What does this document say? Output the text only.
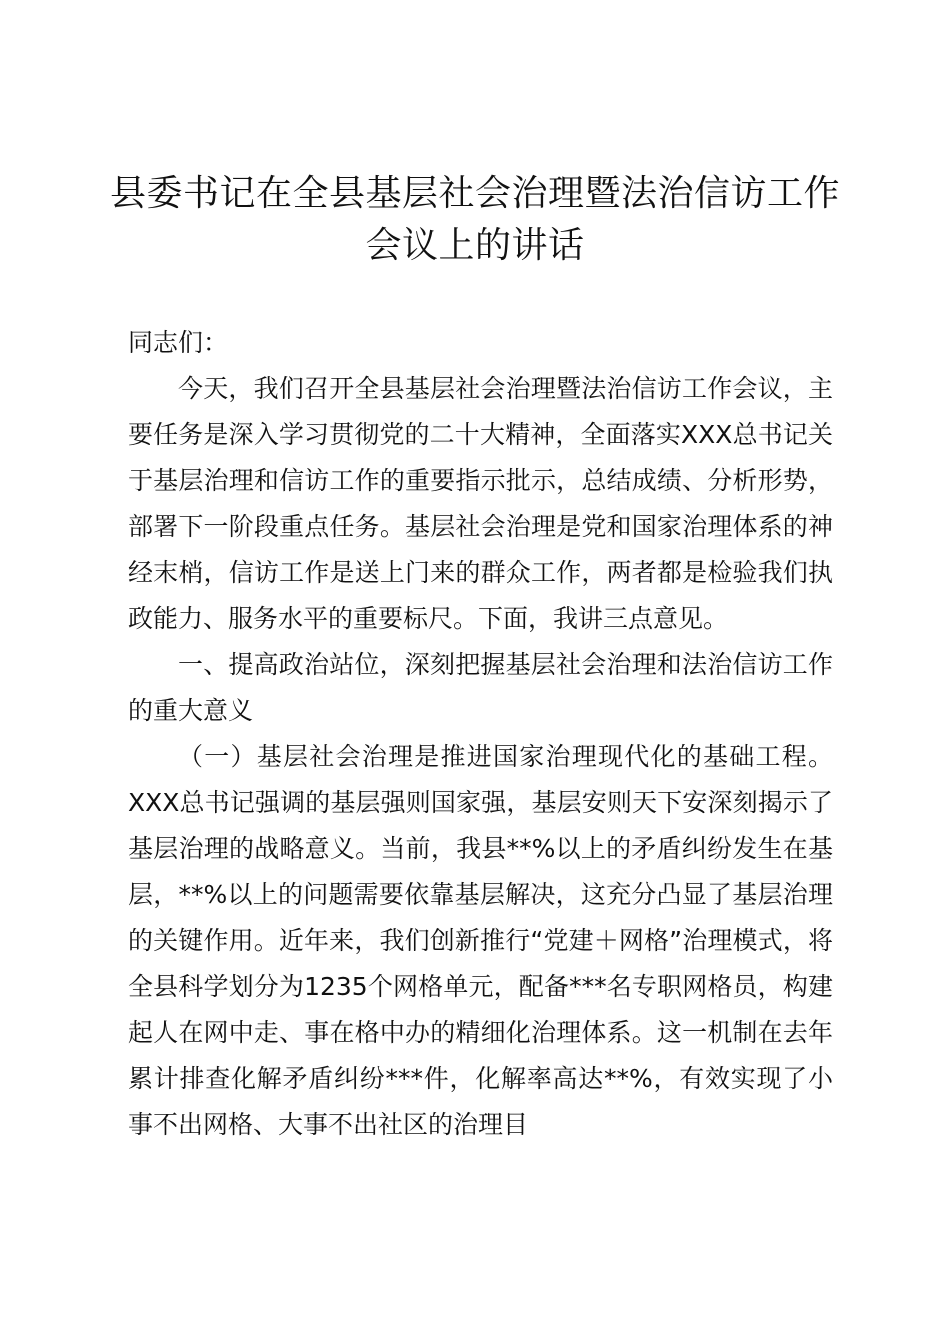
县委书记在全县基层社会治理暨法治信访工作
会议上的讲话

同志们：

今天，我们召开全县基层社会治理暨法治信访工作会议，主要任务是深入学习贯彻党的二十大精神，全面落实XXX总书记关于基层治理和信访工作的重要指示批示，总结成绩、分析形势，部署下一阶段重点任务。基层社会治理是党和国家治理体系的神经末梢，信访工作是送上门来的群众工作，两者都是检验我们执政能力、服务水平的重要标尺。下面，我讲三点意见。

一、提高政治站位，深刻把握基层社会治理和法治信访工作的重大意义

（一）基层社会治理是推进国家治理现代化的基础工程。XXX总书记强调的基层强则国家强，基层安则天下安深刻揭示了基层治理的战略意义。当前，我县**%以上的矛盾纠纷发生在基层，**%以上的问题需要依靠基层解决，这充分凸显了基层治理的关键作用。近年来，我们创新推行“党建＋网格”治理模式，将全县科学划分为1235个网格单元，配备***名专职网格员，构建起人在网中走、事在格中办的精细化治理体系。这一机制在去年累计排查化解矛盾纠纷***件，化解率高达**%，有效实现了小事不出网格、大事不出社区的治理目
